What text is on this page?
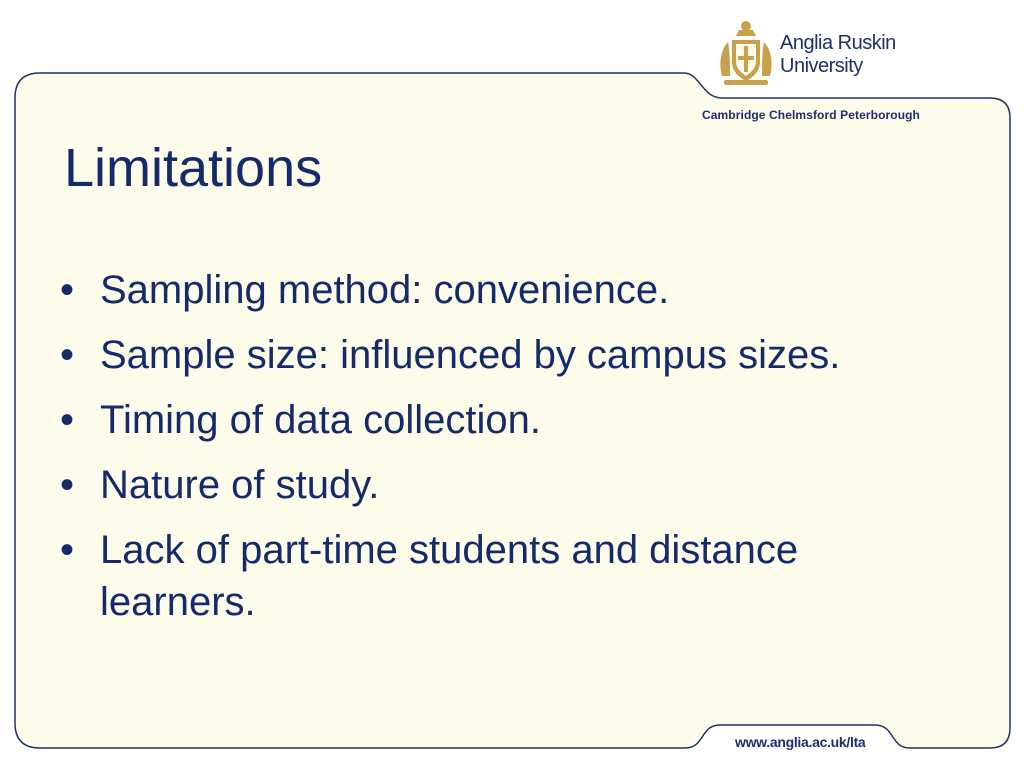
Anglia Ruskin
University
Cambridge Chelmsford Peterborough
Limitations
• Sampling method: convenience.
• Sample size: influenced by campus sizes.
• Timing of data collection.
• Nature of study.
• Lack of part-time students and distance learners.
www.anglia.ac.uk/lta
